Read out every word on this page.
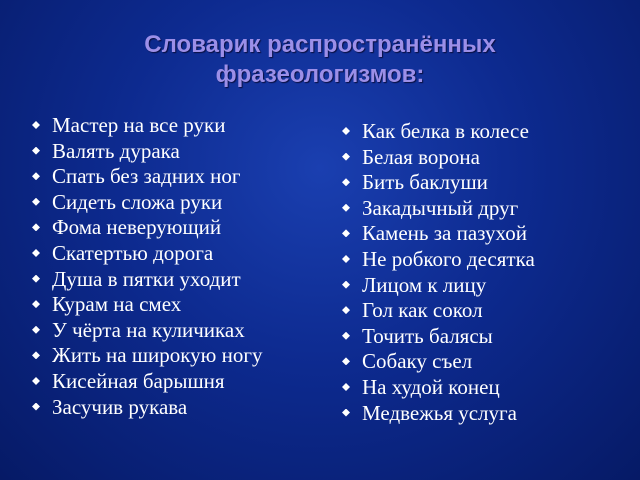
Словарик распространённых
фразеологизмов:
Мастер на все руки
Валять дурака
Спать без задних ног
Сидеть сложа руки
Фома неверующий
Скатертью дорога
Душа в пятки уходит
Курам на смех
У чёрта на куличиках
Жить на широкую ногу
Кисейная барышня
Засучив рукава
Как белка в колесе
Белая ворона
Бить баклуши
Закадычный друг
Камень за пазухой
Не робкого десятка
Лицом к лицу
Гол как сокол
Точить балясы
Собаку съел
На худой конец
Медвежья услуга
